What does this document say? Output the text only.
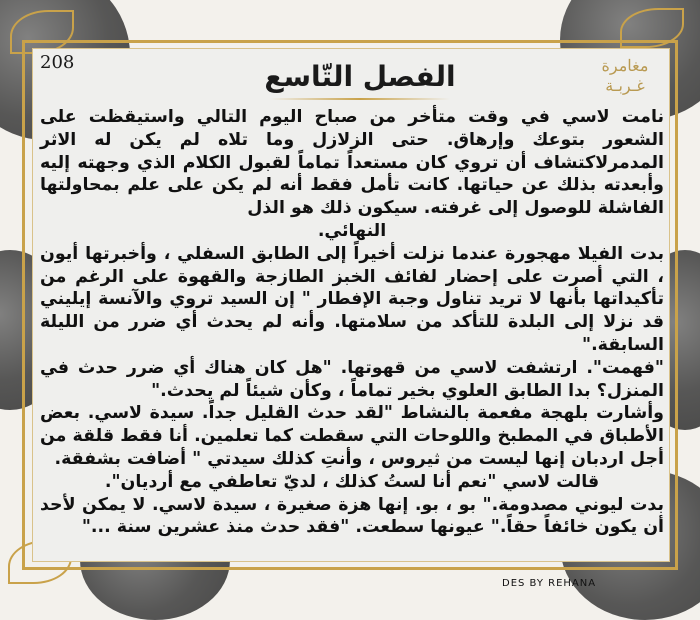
208	مغامرة
غـربـة
الفصل التّاسع

نامت لاسي في وقت متأخر من صباح اليوم التالي واستيقظت على الشعور بتوعك وإرهاق. حتى الزلازل وما تلاه لم يكن له الاثر المدمرلاكتشاف أن تروي كان مستعداً تماماً لقبول الكلام الذي وجهته إليه وأبعدته بذلك عن حياتها. كانت تأمل فقط أنه لم يكن على علم بمحاولتها الفاشلة للوصول إلى غرفته. سيكون ذلك هو الذل

النهائي.

بدت الفيلا مهجورة عندما نزلت أخيراً إلى الطابق السفلي ، وأخبرتها أيون ، التي أصرت على إحضار لفائف الخبز الطازجة والقهوة على الرغم من تأكيداتها بأنها لا تريد تناول وجبة الإفطار " إن السيد تروي والآنسة إيليني قد نزلا إلى البلدة للتأكد من سلامتها. وأنه لم يحدث أي ضرر من الليلة السابقة."

"فهمت". ارتشفت لاسي من قهوتها. "هل كان هناك أي ضرر حدث في المنزل؟ بدا الطابق العلوي بخير تماماً ، وكأن شيئاً لم يحدث."

وأشارت بلهجة مفعمة بالنشاط "لقد حدث القليل جداً. سيدة لاسي. بعض الأطباق في المطبخ واللوحات التي سقطت كما تعلمين. أنا فقط قلقة من أجل اردبان إنها ليست من ثيروس ، وأنتِ كذلك سيدتي " أضافت بشفقة.

قالت لاسي "نعم أنا لستُ كذلك ، لديّ تعاطفي مع أرديان".

بدت ليوني مصدومة." بو ، بو. إنها هزة صغيرة ، سيدة لاسي. لا يمكن لأحد أن يكون خائفاً حقاً." عيونها سطعت. "فقد حدث منذ عشرين سنة ..."

DES BY REHANA
